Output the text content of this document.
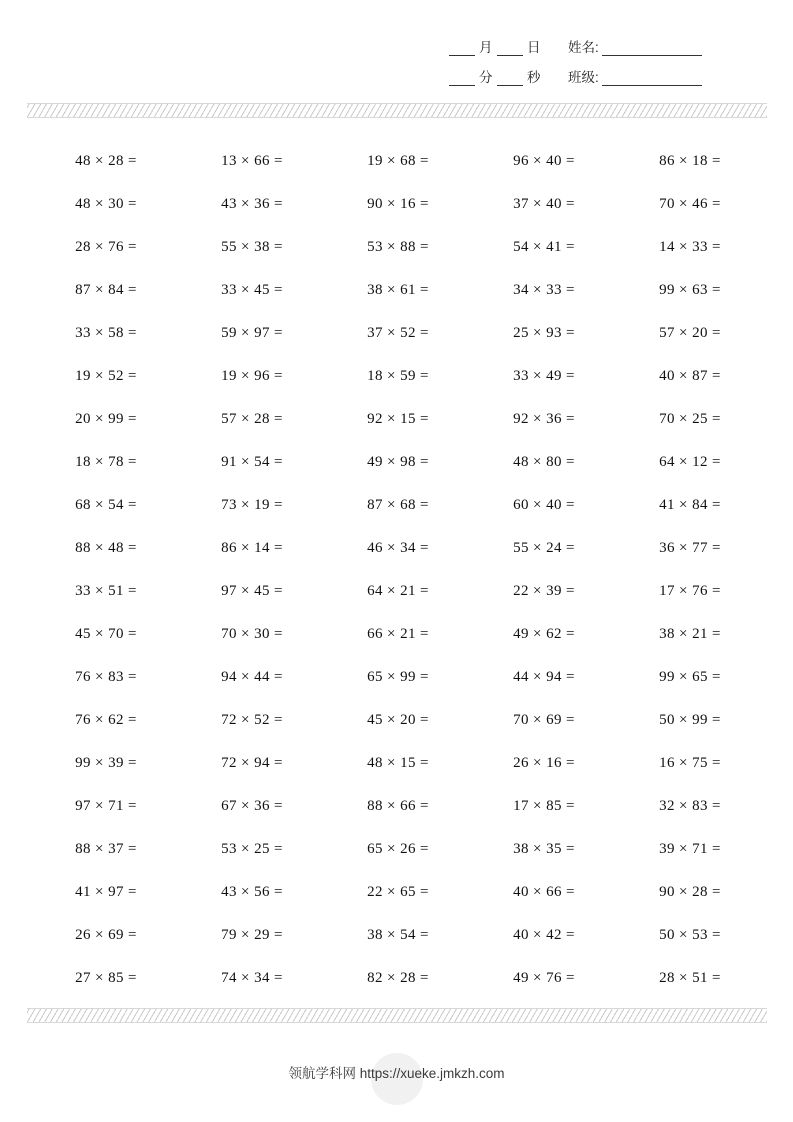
月	日 姓名:
分	秒 班级:
48 × 28 =	13 × 66 =	19 × 68 =	96 × 40 =	86 × 18 =
48 × 30 =	43 × 36 =	90 × 16 =	37 × 40 =	70 × 46 =
28 × 76 =	55 × 38 =	53 × 88 =	54 × 41 =	14 × 33 =
87 × 84 =	33 × 45 =	38 × 61 =	34 × 33 =	99 × 63 =
33 × 58 =	59 × 97 =	37 × 52 =	25 × 93 =	57 × 20 =
19 × 52 =	19 × 96 =	18 × 59 =	33 × 49 =	40 × 87 =
20 × 99 =	57 × 28 =	92 × 15 =	92 × 36 =	70 × 25 =
18 × 78 =	91 × 54 =	49 × 98 =	48 × 80 =	64 × 12 =
68 × 54 =	73 × 19 =	87 × 68 =	60 × 40 =	41 × 84 =
88 × 48 =	86 × 14 =	46 × 34 =	55 × 24 =	36 × 77 =
33 × 51 =	97 × 45 =	64 × 21 =	22 × 39 =	17 × 76 =
45 × 70 =	70 × 30 =	66 × 21 =	49 × 62 =	38 × 21 =
76 × 83 =	94 × 44 =	65 × 99 =	44 × 94 =	99 × 65 =
76 × 62 =	72 × 52 =	45 × 20 =	70 × 69 =	50 × 99 =
99 × 39 =	72 × 94 =	48 × 15 =	26 × 16 =	16 × 75 =
97 × 71 =	67 × 36 =	88 × 66 =	17 × 85 =	32 × 83 =
88 × 37 =	53 × 25 =	65 × 26 =	38 × 35 =	39 × 71 =
41 × 97 =	43 × 56 =	22 × 65 =	40 × 66 =	90 × 28 =
26 × 69 =	79 × 29 =	38 × 54 =	40 × 42 =	50 × 53 =
27 × 85 =	74 × 34 =	82 × 28 =	49 × 76 =	28 × 51 =
领航学科网 https://xueke.jmkzh.com
